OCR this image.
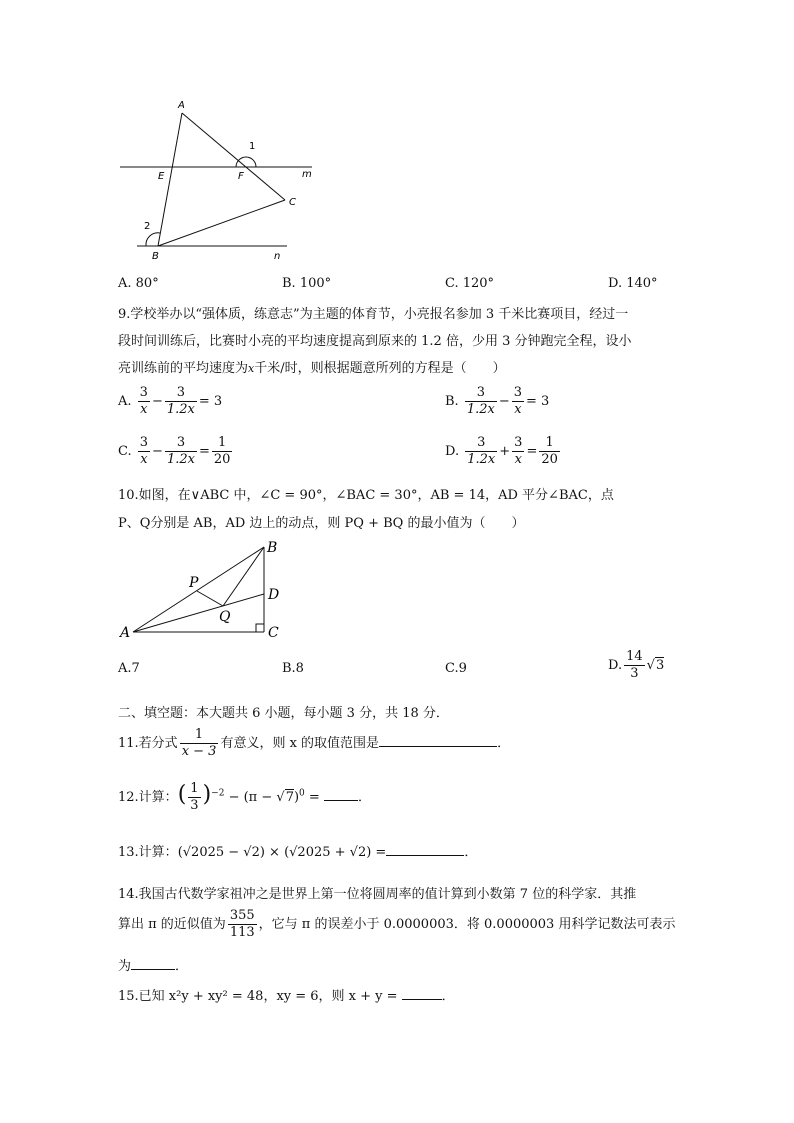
A
E	F
1
m
C
2
B	n
A. 80°	B. 100°	C. 120°	D. 140°
9.学校举办以“强体质，练意志”为主题的体育节，小亮报名参加 3 千米比赛项目，经过一
段时间训练后，比赛时小亮的平均速度提高到原来的 1.2 倍，少用 3 分钟跑完全程，设小
亮训练前的平均速度为x千米/时，则根据题意所列的方程是（　　）
A. $\frac{3}{x} - \frac{3}{1.2x} = 3$	B. $\frac{3}{1.2x} - \frac{3}{x} = 3$
C. $\frac{3}{x} - \frac{3}{1.2x} = \frac{1}{20}$	D. $\frac{3}{1.2x} + \frac{3}{x} = \frac{1}{20}$
10.如图，在∨ABC 中，∠C = 90°，∠BAC = 30°，AB = 14，AD 平分∠BAC，点
P、Q分别是 AB，AD 边上的动点，则 PQ + BQ 的最小值为（　　）
B
P
D
Q
A	C
A.7	B.8	C.9	D. $\frac{14}{3} √3$
二、填空题：本大题共 6 小题，每小题 3 分，共 18 分．
11.若分式 $\frac{1}{x - 3}$ 有意义，则 x 的取值范围是	．
12.计算：( $\frac{1}{3} )^{-2} - (\pi - √7)^0$ =	．
13.计算：(√2025 − √2) × (√2025 + √2) =	．
14.我国古代数学家祖冲之是世界上第一位将圆周率的值计算到小数第 7 位的科学家．其推
算出 π 的近似值为 $\frac{355}{113}$ ，它与 π 的误差小于 0.0000003．将 0.0000003 用科学记数法可表示
为	．
15.已知 x²y + xy² = 48，xy = 6，则 x + y =	．
